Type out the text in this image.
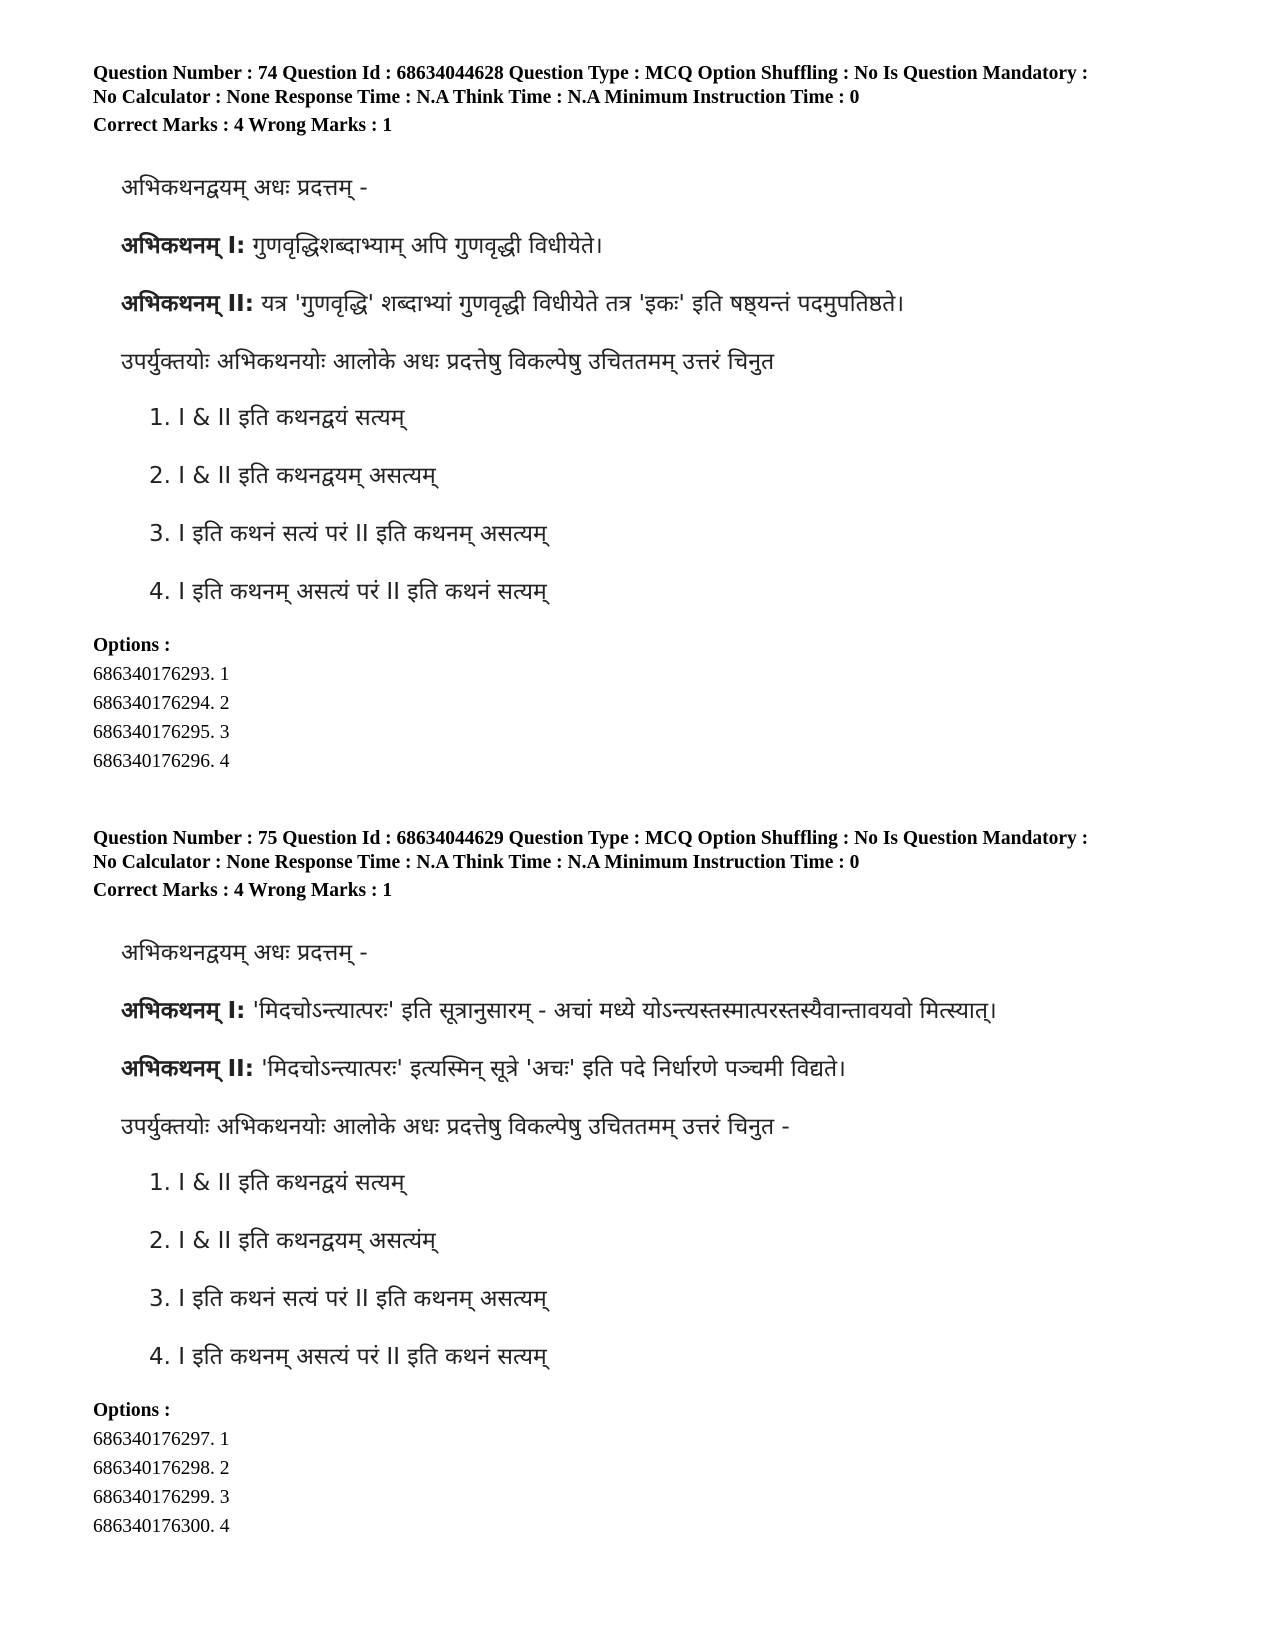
Question Number : 74 Question Id : 68634044628 Question Type : MCQ Option Shuffling : No Is Question Mandatory :
No Calculator : None Response Time : N.A Think Time : N.A Minimum Instruction Time : 0
Correct Marks : 4 Wrong Marks : 1
अभिकथनद्वयम् अधः प्रदत्तम् -
अभिकथनम् I: गुणवृद्धिशब्दाभ्याम् अपि गुणवृद्धी विधीयेते।
अभिकथनम् II: यत्र 'गुणवृद्धि' शब्दाभ्यां गुणवृद्धी विधीयेते तत्र 'इकः' इति षष्ठ्यन्तं पदमुपतिष्ठते।
उपर्युक्तयोः अभिकथनयोः आलोके अधः प्रदत्तेषु विकल्पेषु उचिततमम् उत्तरं चिनुत
1. I & II इति कथनद्वयं सत्यम्
2. I & II इति कथनद्वयम् असत्यम्
3. I इति कथनं सत्यं परं II इति कथनम् असत्यम्
4. I इति कथनम् असत्यं परं II इति कथनं सत्यम्
Options :
686340176293. 1
686340176294. 2
686340176295. 3
686340176296. 4
Question Number : 75 Question Id : 68634044629 Question Type : MCQ Option Shuffling : No Is Question Mandatory :
No Calculator : None Response Time : N.A Think Time : N.A Minimum Instruction Time : 0
Correct Marks : 4 Wrong Marks : 1
अभिकथनद्वयम् अधः प्रदत्तम् -
अभिकथनम् I: 'मिदचोऽन्त्यात्परः' इति सूत्रानुसारम् - अचां मध्ये योऽन्त्यस्तस्मात्परस्तस्यैवान्तावयवो मित्स्यात्।
अभिकथनम् II: 'मिदचोऽन्त्यात्परः' इत्यस्मिन् सूत्रे 'अचः' इति पदे निर्धारणे पञ्चमी विद्यते।
उपर्युक्तयोः अभिकथनयोः आलोके अधः प्रदत्तेषु विकल्पेषु उचिततमम् उत्तरं चिनुत -
1. I & II इति कथनद्वयं सत्यम्
2. I & II इति कथनद्वयम् असत्यंम्
3. I इति कथनं सत्यं परं II इति कथनम् असत्यम्
4. I इति कथनम् असत्यं परं II इति कथनं सत्यम्
Options :
686340176297. 1
686340176298. 2
686340176299. 3
686340176300. 4
